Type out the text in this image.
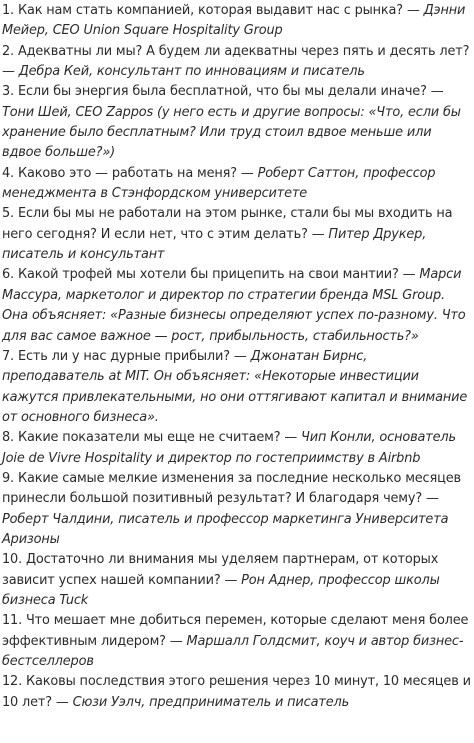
1. Как нам стать компанией, которая выдавит нас с рынка? — Дэнни Мейер, CEO Union Square Hospitality Group

2. Адекватны ли мы? А будем ли адекватны через пять и десять лет? — Дебра Кей, консультант по инновациям и писатель

3. Если бы энергия была бесплатной, что бы мы делали иначе? — Тони Шей, CEO Zappos (у него есть и другие вопросы: «Что, если бы хранение было бесплатным? Или труд стоил вдвое меньше или вдвое больше?»)

4. Каково это — работать на меня? — Роберт Саттон, профессор менеджмента в Стэнфордском университете

5. Если бы мы не работали на этом рынке, стали бы мы входить на него сегодня? И если нет, что с этим делать? — Питер Друкер, писатель и консультант

6. Какой трофей мы хотели бы прицепить на свои мантии? — Марси Массура, маркетолог и директор по стратегии бренда MSL Group. Она объясняет: «Разные бизнесы определяют успех по-разному. Что для вас самое важное — рост, прибыльность, стабильность?»

7. Есть ли у нас дурные прибыли? — Джонатан Бирнс, преподаватель at MIT. Он объясняет: «Некоторые инвестиции кажутся привлекательными, но они оттягивают капитал и внимание от основного бизнеса».

8. Какие показатели мы еще не считаем? — Чип Конли, основатель Joie de Vivre Hospitality и директор по гостеприимству в Airbnb

9. Какие самые мелкие изменения за последние несколько месяцев принесли большой позитивный результат? И благодаря чему? — Роберт Чалдини, писатель и профессор маркетинга Университета Аризоны

10. Достаточно ли внимания мы уделяем партнерам, от которых зависит успех нашей компании? — Рон Аднер, профессор школы бизнеса Tuck

11. Что мешает мне добиться перемен, которые сделают меня более эффективным лидером? — Маршалл Голдсмит, коуч и автор бизнес-бестселлеров

12. Каковы последствия этого решения через 10 минут, 10 месяцев и 10 лет? — Сюзи Уэлч, предприниматель и писатель
